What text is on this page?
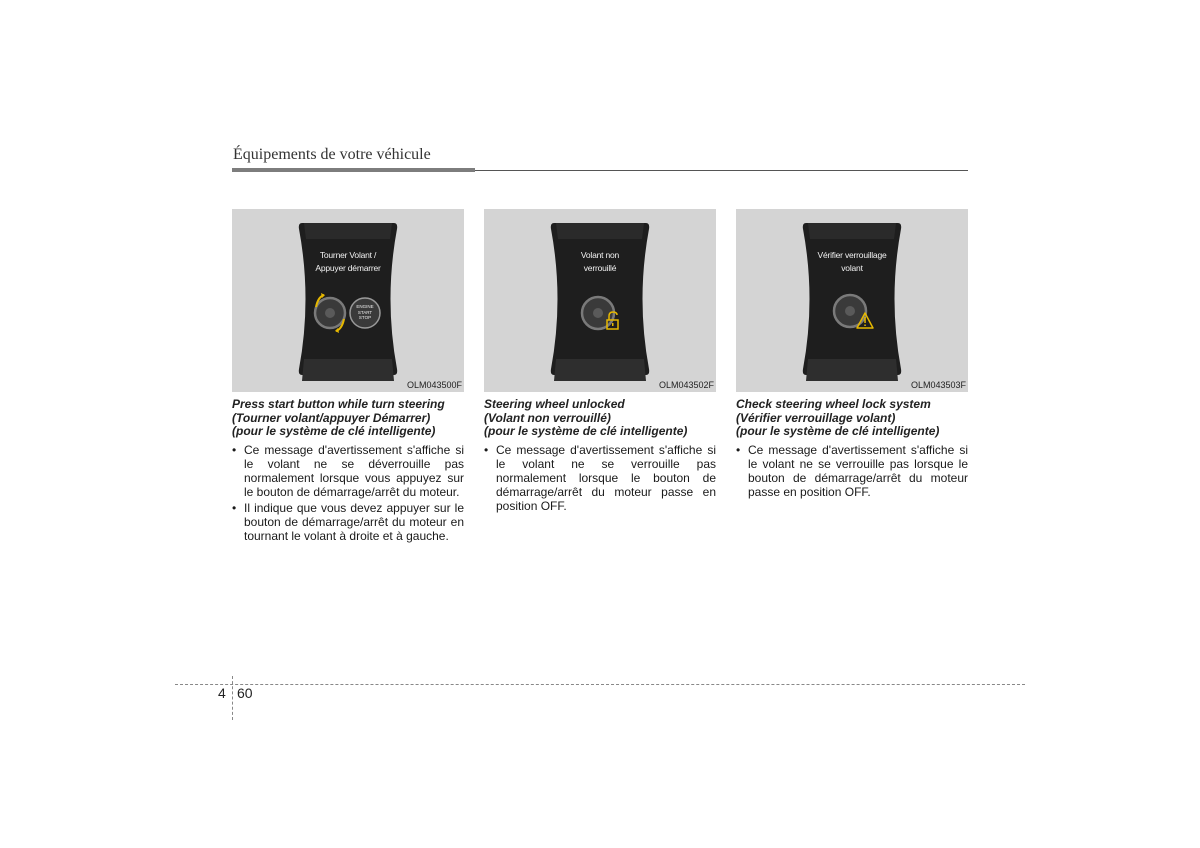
Équipements de votre véhicule
Tourner Volant /
Appuyer démarrer
ENGINE
START
STOP
OLM043500F
Press start button while turn steering
(Tourner volant/appuyer Démarrer)
(pour le système de clé intelligente)
• Ce message d'avertissement s'affiche si le volant ne se déverrouille pas normalement lorsque vous appuyez sur le bouton de démarrage/arrêt du moteur.
• Il indique que vous devez appuyer sur le bouton de démarrage/arrêt du moteur en tournant le volant à droite et à gauche.
Volant non
verrouillé
OLM043502F
Steering wheel unlocked
(Volant non verrouillé)
(pour le système de clé intelligente)
• Ce message d'avertissement s'affiche si le volant ne se verrouille pas normalement lorsque le bouton de démarrage/arrêt du moteur passe en position OFF.
Vérifier verrouillage
volant
OLM043503F
Check steering wheel lock system
(Vérifier verrouillage volant)
(pour le système de clé intelligente)
• Ce message d'avertissement s'affiche si le volant ne se verrouille pas lorsque le bouton de démarrage/arrêt du moteur passe en position OFF.
4 60
